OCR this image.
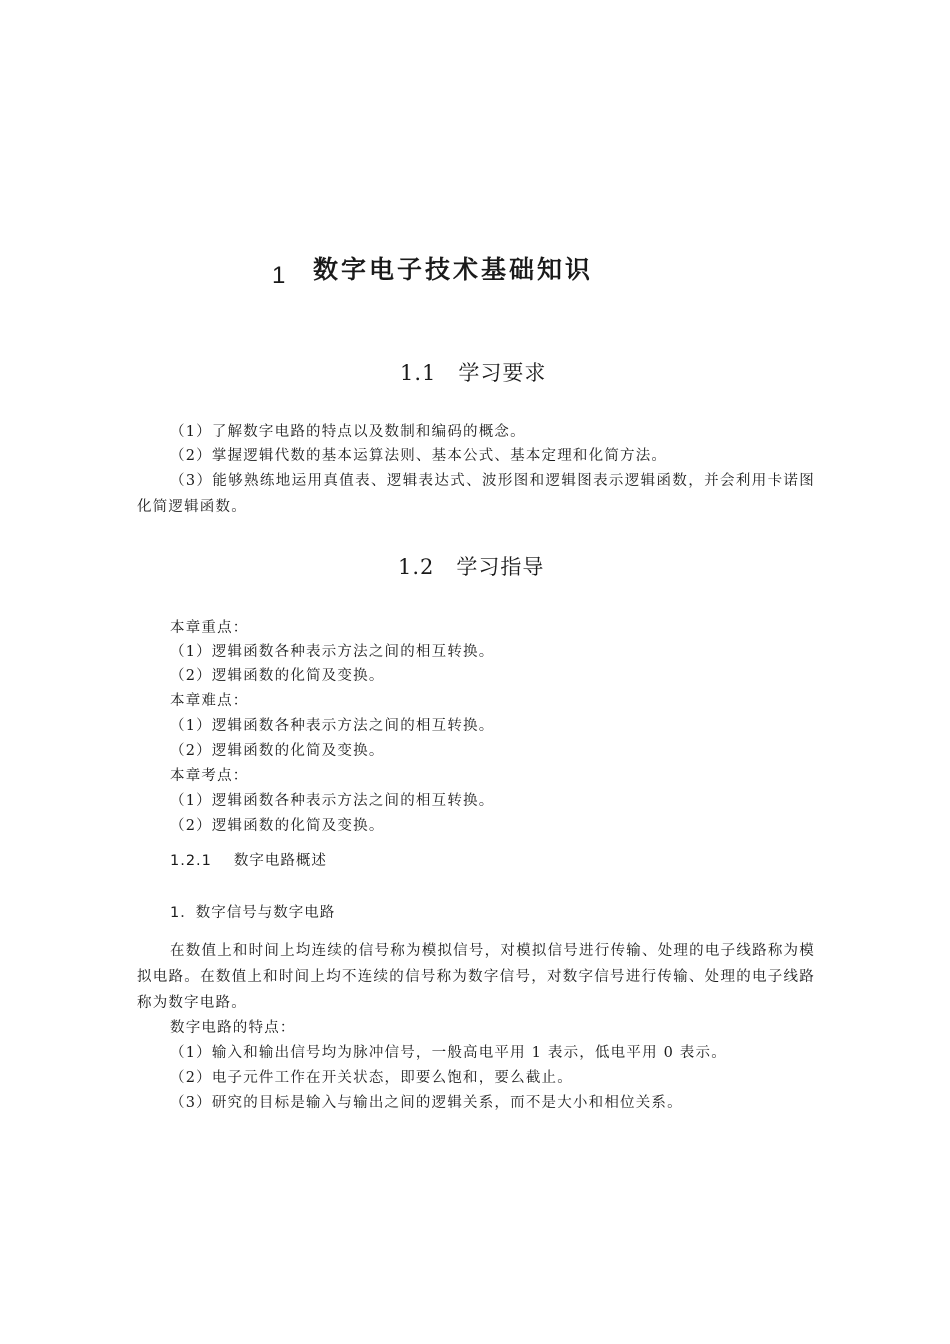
1 数字电子技术基础知识
1.1 学习要求
（1）了解数字电路的特点以及数制和编码的概念。
（2）掌握逻辑代数的基本运算法则、基本公式、基本定理和化简方法。

（3）能够熟练地运用真值表、逻辑表达式、波形图和逻辑图表示逻辑函数，并会利用卡诺图化简逻辑函数。

1.2 学习指导
本章重点：
（1）逻辑函数各种表示方法之间的相互转换。
（2）逻辑函数的化简及变换。
本章难点：
（1）逻辑函数各种表示方法之间的相互转换。
（2）逻辑函数的化简及变换。
本章考点：
（1）逻辑函数各种表示方法之间的相互转换。
（2）逻辑函数的化简及变换。
1.2.1 数字电路概述
1．数字信号与数字电路

在数值上和时间上均连续的信号称为模拟信号，对模拟信号进行传输、处理的电子线路称为模拟电路。在数值上和时间上均不连续的信号称为数字信号，对数字信号进行传输、处理的电子线路称为数字电路。

数字电路的特点：
（1）输入和输出信号均为脉冲信号，一般高电平用 1 表示，低电平用 0 表示。
（2）电子元件工作在开关状态，即要么饱和，要么截止。
（3）研究的目标是输入与输出之间的逻辑关系，而不是大小和相位关系。
